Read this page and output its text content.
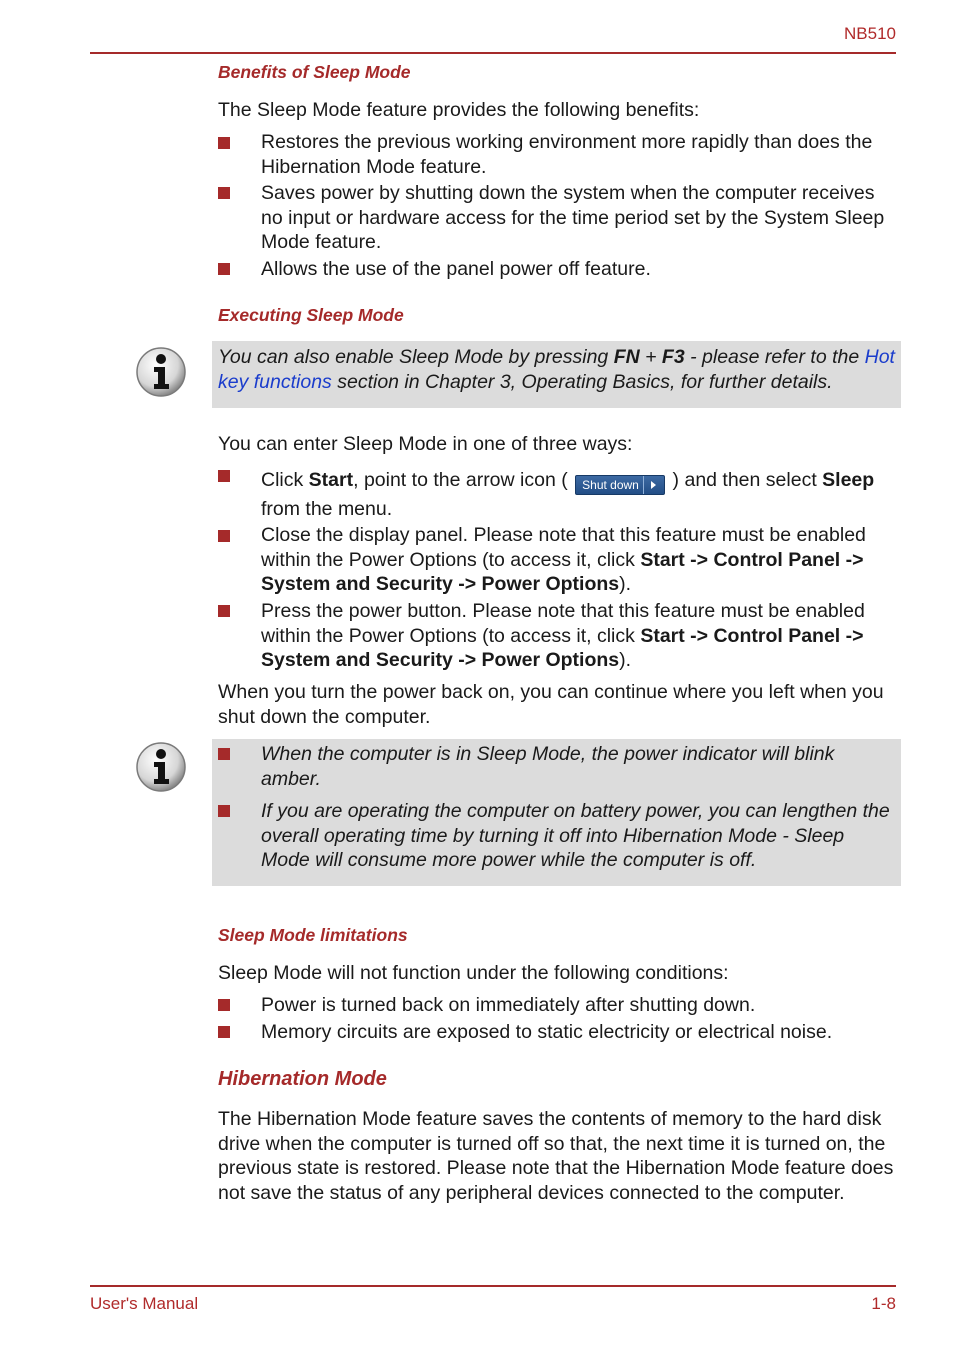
NB510
Benefits of Sleep Mode

The Sleep Mode feature provides the following benefits:

Restores the previous working environment more rapidly than does the Hibernation Mode feature.

Saves power by shutting down the system when the computer receives no input or hardware access for the time period set by the System Sleep Mode feature.

Allows the use of the panel power off feature.

Executing Sleep Mode

You can also enable Sleep Mode by pressing FN + F3 - please refer to the Hot key functions section in Chapter 3, Operating Basics, for further details.

You can enter Sleep Mode in one of three ways:

Click Start, point to the arrow icon ( Shut down
) and then select Sleep from the menu.

Close the display panel. Please note that this feature must be enabled within the Power Options (to access it, click Start -> Control Panel -> System and Security -> Power Options).

Press the power button. Please note that this feature must be enabled within the Power Options (to access it, click Start -> Control Panel -> System and Security -> Power Options).

When you turn the power back on, you can continue where you left when you shut down the computer.

When the computer is in Sleep Mode, the power indicator will blink amber.

If you are operating the computer on battery power, you can lengthen the overall operating time by turning it off into Hibernation Mode - Sleep Mode will consume more power while the computer is off.

Sleep Mode limitations

Sleep Mode will not function under the following conditions:

Power is turned back on immediately after shutting down.

Memory circuits are exposed to static electricity or electrical noise.

Hibernation Mode

The Hibernation Mode feature saves the contents of memory to the hard disk drive when the computer is turned off so that, the next time it is turned on, the previous state is restored. Please note that the Hibernation Mode feature does not save the status of any peripheral devices connected to the computer.

User's Manual	1-8
